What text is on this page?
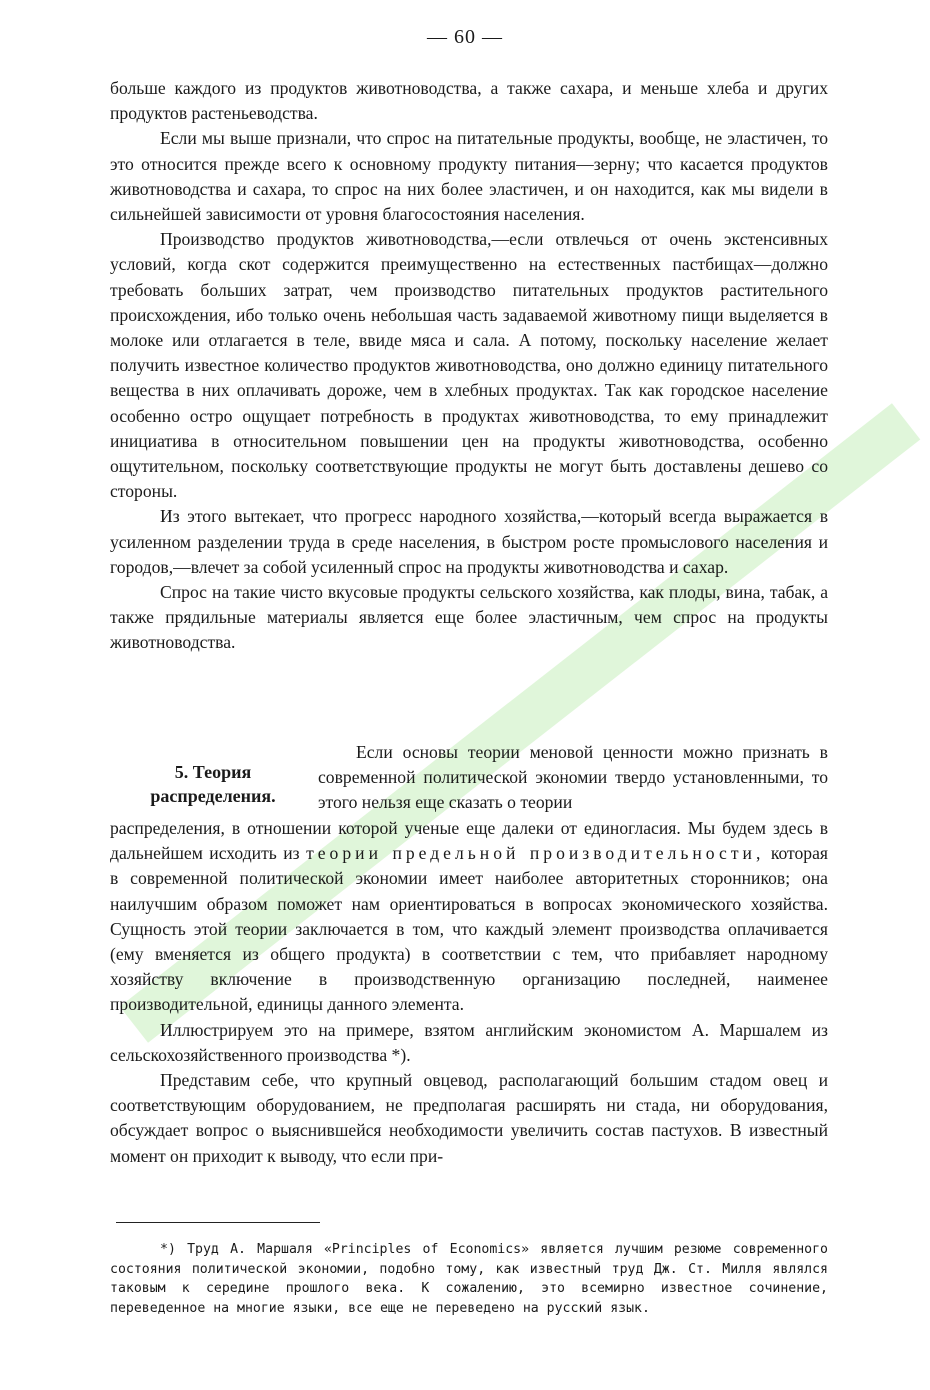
— 60 —

больше каждого из продуктов животноводства, а также сахара, и меньше хлеба и других продуктов растеньеводства.

Если мы выше признали, что спрос на питательные продукты, вообще, не эластичен, то это относится прежде всего к основному продукту питания—зерну; что касается продуктов животноводства и сахара, то спрос на них более эластичен, и он находится, как мы видели в сильнейшей зависимости от уровня благосостояния населения.

Производство продуктов животноводства,—если отвлечься от очень экстенсивных условий, когда скот содержится преимущественно на естественных пастбищах—должно требовать больших затрат, чем производство питательных продуктов растительного происхождения, ибо только очень небольшая часть задаваемой животному пищи выделяется в молоке или отлагается в теле, ввиде мяса и сала. А потому, поскольку население желает получить известное количество продуктов животноводства, оно должно единицу питательного вещества в них оплачивать дороже, чем в хлебных продуктах. Так как городское население особенно остро ощущает потребность в продуктах животноводства, то ему принадлежит инициатива в относительном повышении цен на продукты животноводства, особенно ощутительном, поскольку соответствующие продукты не могут быть доставлены дешево со стороны.

Из этого вытекает, что прогресс народного хозяйства,—который всегда выражается в усиленном разделении труда в среде населения, в быстром росте промыслового населения и городов,—влечет за собой усиленный спрос на продукты животноводства и сахар.

Спрос на такие чисто вкусовые продукты сельского хозяйства, как плоды, вина, табак, а также прядильные материалы является еще более эластичным, чем спрос на продукты животноводства.

5. Теория
распределения.

Если основы теории меновой ценности можно признать в современной политической экономии твердо установленными, то этого нельзя еще сказать о теории

распределения, в отношении которой ученые еще далеки от единогласия. Мы будем здесь в дальнейшем исходить из теории предельной производительности, которая в современной политической экономии имеет наиболее авторитетных сторонников; она наилучшим образом поможет нам ориентироваться в вопросах экономического хозяйства. Сущность этой теории заключается в том, что каждый элемент производства оплачивается (ему вменяется из общего продукта) в соответствии с тем, что прибавляет народному хозяйству включение в производственную организацию последней, наименее производительной, единицы данного элемента.

Иллюстрируем это на примере, взятом английским экономистом А. Маршалем из сельскохозяйственного производства *).

Представим себе, что крупный овцевод, располагающий большим стадом овец и соответствующим оборудованием, не предполагая расширять ни стада, ни оборудования, обсуждает вопрос о выяснившейся необходимости увеличить состав пастухов. В известный момент он приходит к выводу, что если при-

*) Труд А. Маршаля «Principles of Economics» является лучшим резюме современного состояния политической экономии, подобно тому, как известный труд Дж. Ст. Милля являлся таковым к середине прошлого века. К сожалению, это всемирно известное сочинение, переведенное на многие языки, все еще не переведено на русский язык.
